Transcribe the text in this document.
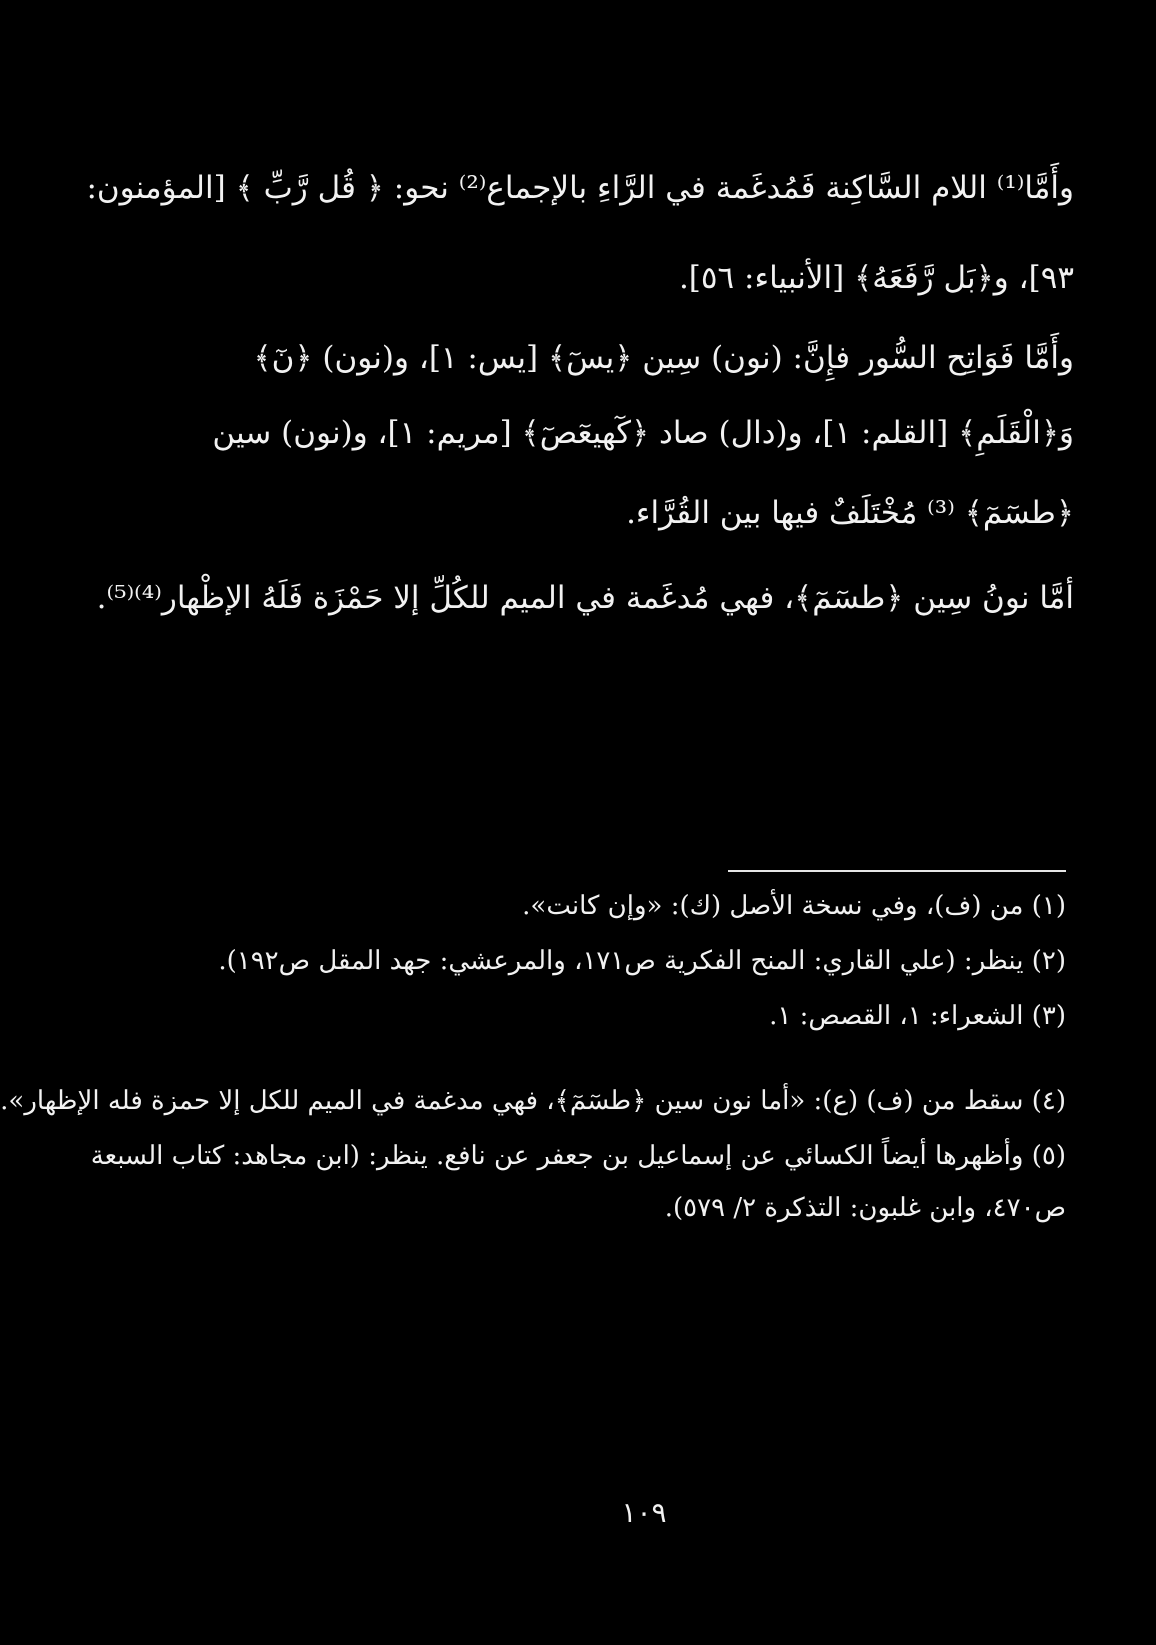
وأَمَّا⁽¹⁾ اللام السَّاكِنة فَمُدغَمة في الرَّاءِ بالإجماع⁽²⁾ نحو: ﴿ قُل رَّبِّ ﴾ [المؤمنون:
٩٣]، و﴿بَل رَّفَعَهُ﴾ [الأنبياء: ٥٦].
وأَمَّا فَوَاتِح السُّور فإِنَّ: (نون) سِين ﴿يسٓ﴾ [يس: ١]، و(نون) ﴿نٓ﴾
وَ﴿الْقَلَمِ﴾ [القلم: ١]، و(دال) صاد ﴿كٓهيعٓصٓ﴾ [مريم: ١]، و(نون) سين
﴿طسٓمٓ﴾ ⁽³⁾ مُخْتَلَفٌ فيها بين القُرَّاء.
أمَّا نونُ سِين ﴿طسٓمٓ﴾، فهي مُدغَمة في الميم للكُلِّ إلا حَمْزَة فَلَهُ الإظْهار⁽⁴⁾⁽⁵⁾.
(١) من (ف)، وفي نسخة الأصل (ك): «وإن كانت».
(٢) ينظر: (علي القاري: المنح الفكرية ص١٧١، والمرعشي: جهد المقل ص١٩٢).
(٣) الشعراء: ١، القصص: ١.
(٤) سقط من (ف) (ع): «أما نون سين ﴿طسٓمٓ﴾، فهي مدغمة في الميم للكل إلا حمزة فله الإظهار».
(٥) وأظهرها أيضاً الكسائي عن إسماعيل بن جعفر عن نافع. ينظر: (ابن مجاهد: كتاب السبعة
ص٤٧٠، وابن غلبون: التذكرة ٢/ ٥٧٩).
١٠٩
